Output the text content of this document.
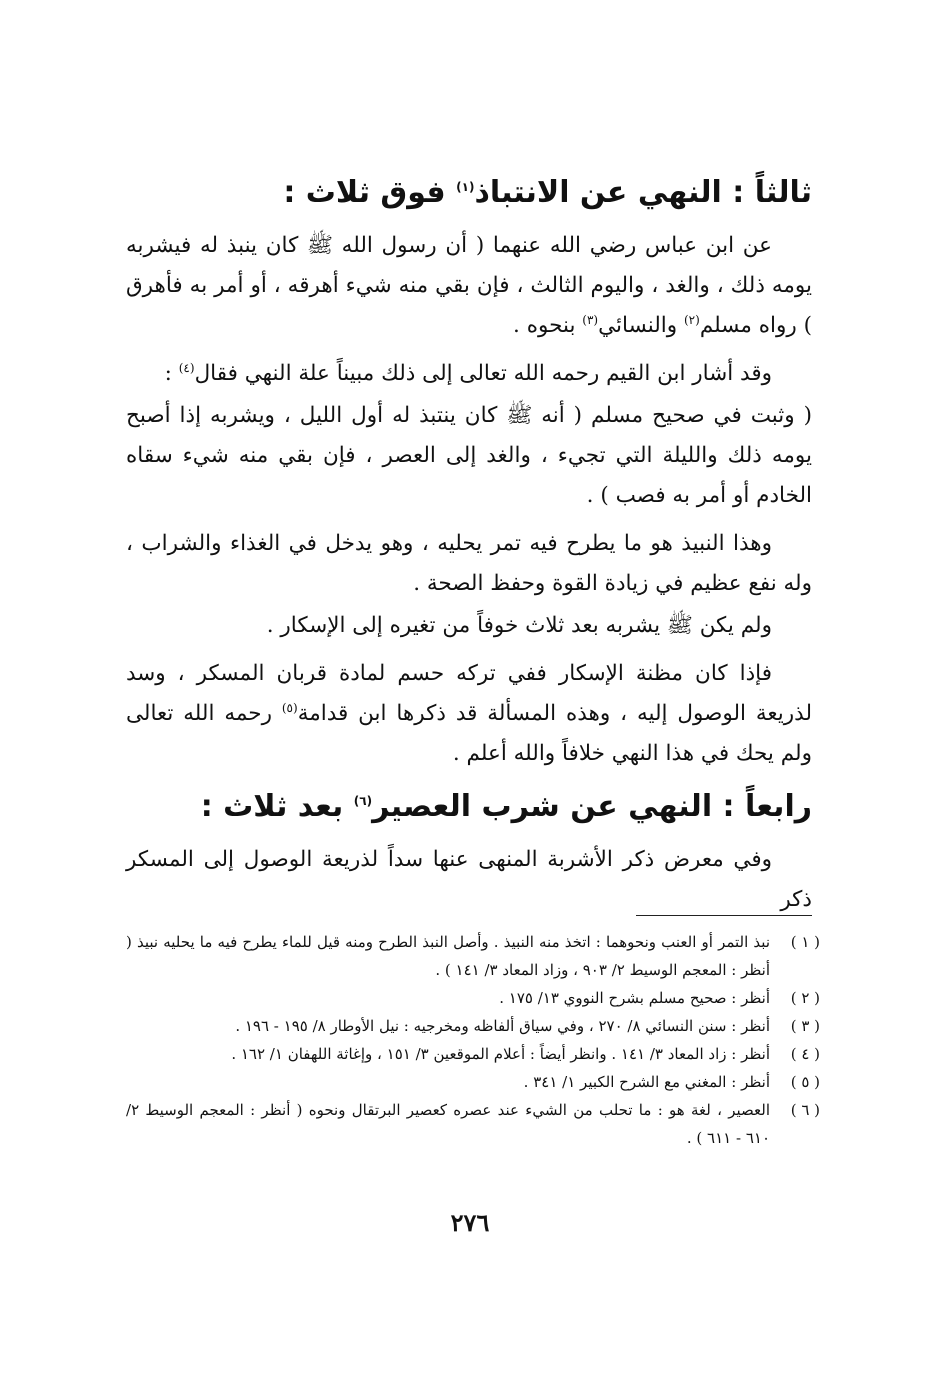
ثالثاً : النهي عن الانتباذ$^{(١)}$ فوق ثلاث :

عن ابن عباس رضي الله عنهما ( أن رسول الله ﷺ كان ينبذ له فيشربه يومه ذلك ، والغد ، واليوم الثالث ، فإن بقي منه شيء أهرقه ، أو أمر به فأهرق ) رواه مسلم$^{(٢)}$ والنسائي$^{(٣)}$ بنحوه .

وقد أشار ابن القيم رحمه الله تعالى إلى ذلك مبيناً علة النهي فقال$^{(٤)}$ :

( وثبت في صحيح مسلم ( أنه ﷺ كان ينتبذ له أول الليل ، ويشربه إذا أصبح يومه ذلك والليلة التي تجيء ، والغد إلى العصر ، فإن بقي منه شيء سقاه الخادم أو أمر به فصب ) .

وهذا النبيذ هو ما يطرح فيه تمر يحليه ، وهو يدخل في الغذاء والشراب ، وله نفع عظيم في زيادة القوة وحفظ الصحة .

ولم يكن ﷺ يشربه بعد ثلاث خوفاً من تغيره إلى الإسكار .

فإذا كان مظنة الإسكار ففي تركه حسم لمادة قربان المسكر ، وسد لذريعة الوصول إليه ، وهذه المسألة قد ذكرها ابن قدامة$^{(٥)}$ رحمه الله تعالى ولم يحك في هذا النهي خلافاً والله أعلم .

رابعاً : النهي عن شرب العصير$^{(٦)}$ بعد ثلاث :

وفي معرض ذكر الأشربة المنهى عنها سداً لذريعة الوصول إلى المسكر ذكر

( ١ )
نبذ التمر أو العنب ونحوهما : اتخذ منه النبيذ . وأصل النبذ الطرح ومنه قيل للماء يطرح فيه ما يحليه نبيذ ( أنظر : المعجم الوسيط ٢/ ٩٠٣ ، وزاد المعاد ٣/ ١٤١ ) .
( ٢ )
أنظر : صحيح مسلم بشرح النووي ١٣/ ١٧٥ .
( ٣ )
أنظر : سنن النسائي ٨/ ٢٧٠ ، وفي سياق ألفاظه ومخرجيه : نيل الأوطار ٨/ ١٩٥ - ١٩٦ .
( ٤ )
أنظر : زاد المعاد ٣/ ١٤١ . وانظر أيضاً : أعلام الموقعين ٣/ ١٥١ ، وإغاثة اللهفان ١/ ١٦٢ .
( ٥ )
أنظر : المغني مع الشرح الكبير ١/ ٣٤١ .
( ٦ )
العصير ، لغة هو : ما تحلب من الشيء عند عصره كعصير البرتقال ونحوه ( أنظر : المعجم الوسيط ٢/ ٦١٠ - ٦١١ ) .
٢٧٦
